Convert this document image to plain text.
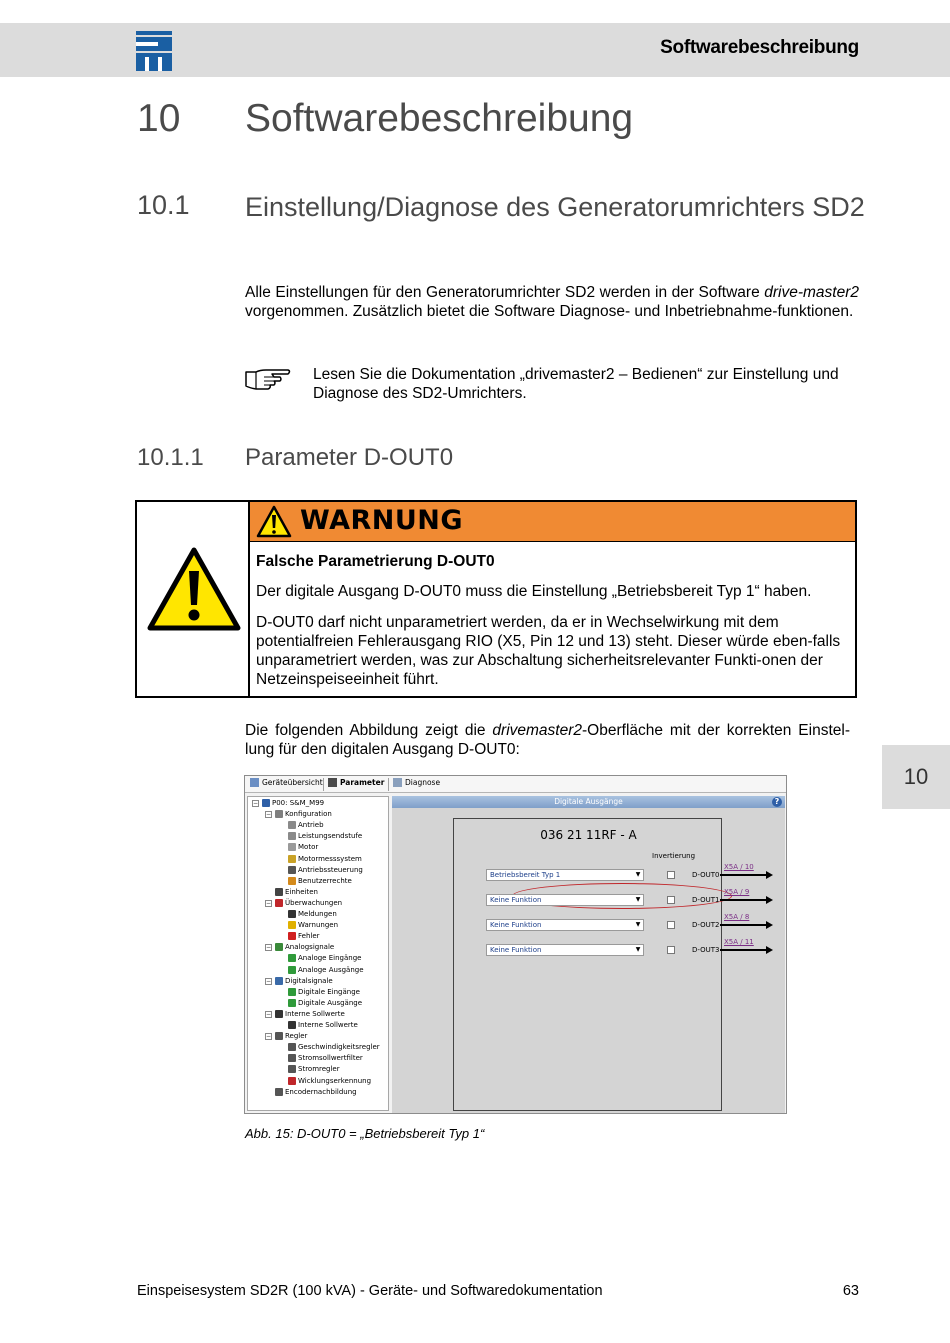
Softwarebeschreibung
10 Softwarebeschreibung
10.1 Einstellung/Diagnose des Generatorumrichters SD2
Alle Einstellungen für den Generatorumrichter SD2 werden in der Software drive-master2 vorgenommen. Zusätzlich bietet die Software Diagnose- und Inbetriebnahme-funktionen.
Lesen Sie die Dokumentation „drivemaster2 – Bedienen“ zur Einstellung und Diagnose des SD2-Umrichters.
10.1.1 Parameter D-OUT0
WARNUNG
Falsche Parametrierung D-OUT0
Der digitale Ausgang D-OUT0 muss die Einstellung „Betriebsbereit Typ 1“ haben.
D-OUT0 darf nicht unparametriert werden, da er in Wechselwirkung mit dem potentialfreien Fehlerausgang RIO (X5, Pin 12 und 13) steht. Dieser würde eben-falls unparametriert werden, was zur Abschaltung sicherheitsrelevanter Funkti-onen der Netzeinspeiseeinheit führt.
Die folgenden Abbildung zeigt die drivemaster2-Oberfläche mit der korrekten Einstel-lung für den digitalen Ausgang D-OUT0:
Geräteübersicht Parameter	Diagnose
P00: S&M_M99
−
Konfiguration
−
Antrieb
Leistungsendstufe
Motor
Motormesssystem
Antriebssteuerung
Benutzerrechte
Einheiten
Überwachungen
−
Meldungen
Warnungen
Fehler
Analogsignale
−
Analoge Eingänge
Analoge Ausgänge
Digitalsignale
−
Digitale Eingänge
Digitale Ausgänge
Interne Sollwerte
−
Interne Sollwerte
Regler
−
Geschwindigkeitsregler
Stromsollwertfilter
Stromregler
Wicklungserkennung
Encodernachbildung
Digitale Ausgänge	?
036 21 11RF - A
Invertierung
Betriebsbereit Typ 1	▼	D-OUT0
Keine Funktion	▼	D-OUT1
Keine Funktion	▼	D-OUT2
Keine Funktion	▼	D-OUT3
X5A / 10
X5A / 9
X5A / 8
X5A / 11
Abb. 15: D-OUT0 = „Betriebsbereit Typ 1“
10
Einspeisesystem SD2R (100 kVA) - Geräte- und Softwaredokumentation	63
